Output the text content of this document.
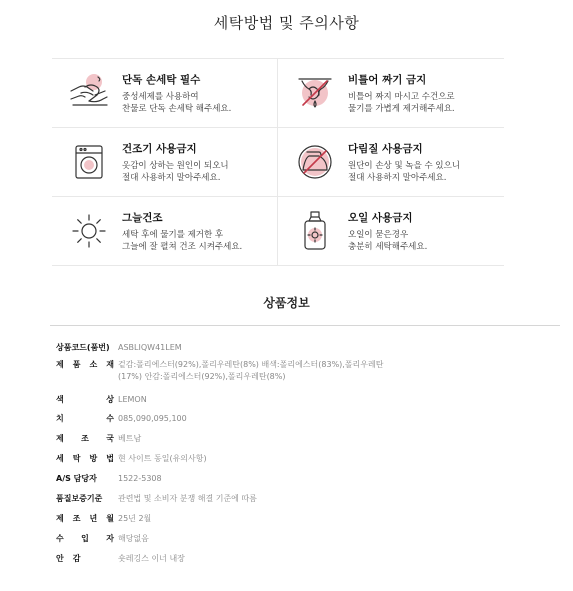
세탁방법 및 주의사항
단독 손세탁 필수
중성세제를 사용하여
찬물로 단독 손세탁 해주세요.
비틀어 짜기 금지
비틀어 짜지 마시고 수건으로
물기를 가볍게 제거해주세요.
건조기 사용금지
옷감이 상하는 원인이 되오니
절대 사용하지 말아주세요.
다림질 사용금지
원단이 손상 및 녹을 수 있으니
절대 사용하지 말아주세요.
그늘건조
세탁 후에 물기를 제거한 후
그늘에 잘 펼쳐 건조 시켜주세요.
오일 사용금지
오일이 묻은경우
충분히 세탁해주세요.
상품정보
상품코드(품번)	ASBLIQW41LEM
제 품 소 재 겉감:폴리에스터(92%),폴리우레탄(8%) 배색:폴리에스터(83%),폴리우레탄
(17%) 안감:폴리에스터(92%),폴리우레탄(8%)
색	상 LEMON
치	수 085,090,095,100
제 조 국 베트남
세 탁 방 법 현 사이트 동일(유의사항)
A/S 담당자	1522-5308
품질보증기준	관련법 및 소비자 분쟁 해결 기준에 따름
제 조 년 월 25년 2월
수 입 자 해당없음
안감	숏레깅스 이너 내장
